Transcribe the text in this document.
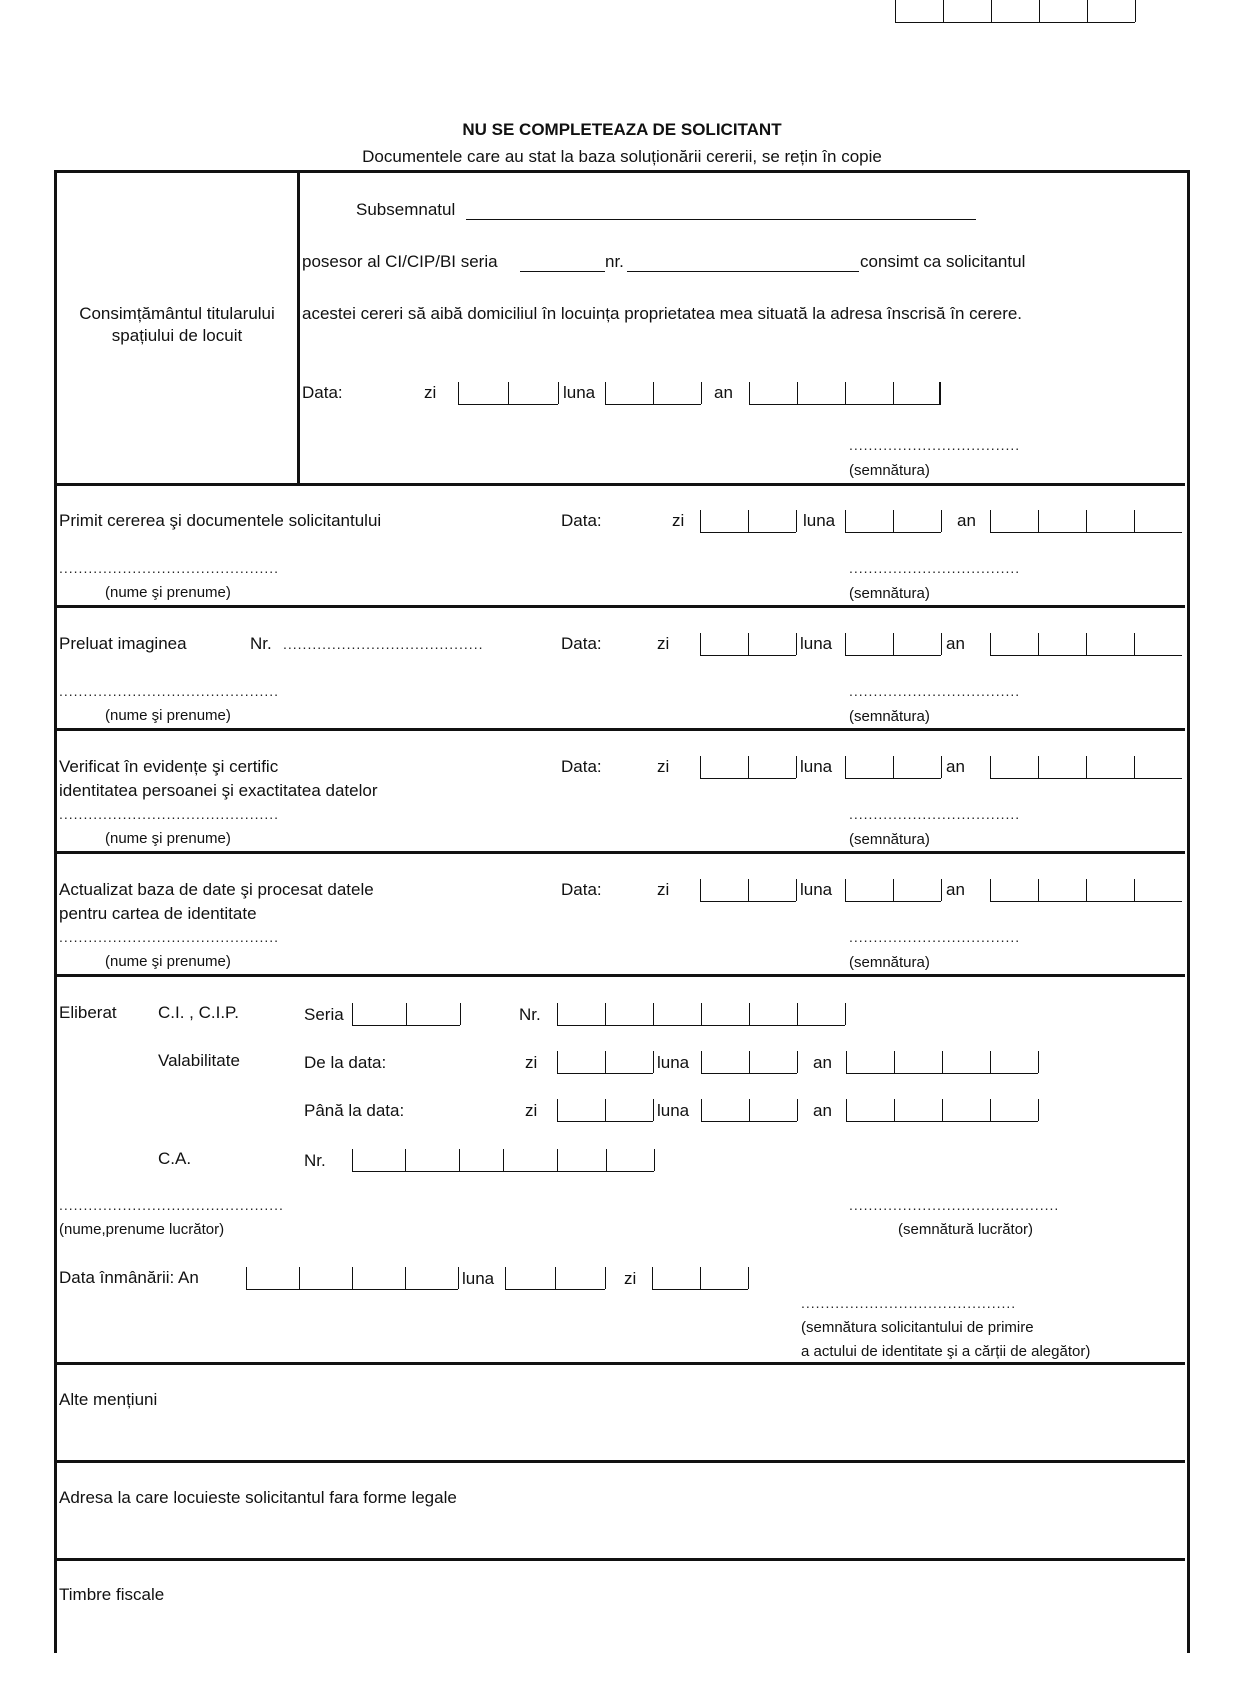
NU SE COMPLETEAZA DE SOLICITANT
Documentele care au stat la baza soluționării cererii, se rețin în copie
Consimțământul titularului spațiului de locuit
Subsemnatul
posesor al CI/CIP/BI seria	nr.	consimt ca solicitantul
acestei cereri să aibă domiciliul în locuința proprietatea mea situată la adresa înscrisă în cerere.
Data:	zi	luna	an
...................................
(semnătura)
Primit cererea şi documentele solicitantului	Data:	zi	luna	an
.............................................
(nume şi prenume)
...................................
(semnătura)
Preluat imaginea	Nr. .........................................	Data:	zi	luna	an
.............................................
(nume şi prenume)
...................................
(semnătura)
Verificat în evidențe şi certific
identitatea persoanei şi exactitatea datelor
Data:	zi	luna	an
.............................................
(nume şi prenume)
...................................
(semnătura)
Actualizat baza de date şi procesat datele
pentru cartea de identitate
Data:	zi	luna	an
.............................................
(nume şi prenume)
...................................
(semnătura)
Eliberat C.I. , C.I.P.	Seria	Nr.
Valabilitate	De la data:	zi	luna	an
Până la data:	zi	luna	an
C.A.	Nr.
..............................................
(nume,prenume lucrător)
...........................................
(semnătură lucrător)
Data înmânării: An	luna	zi
............................................
(semnătura solicitantului de primire
a actului de identitate şi a cărții de alegător)
Alte mențiuni
Adresa la care locuieste solicitantul fara forme legale
Timbre fiscale
